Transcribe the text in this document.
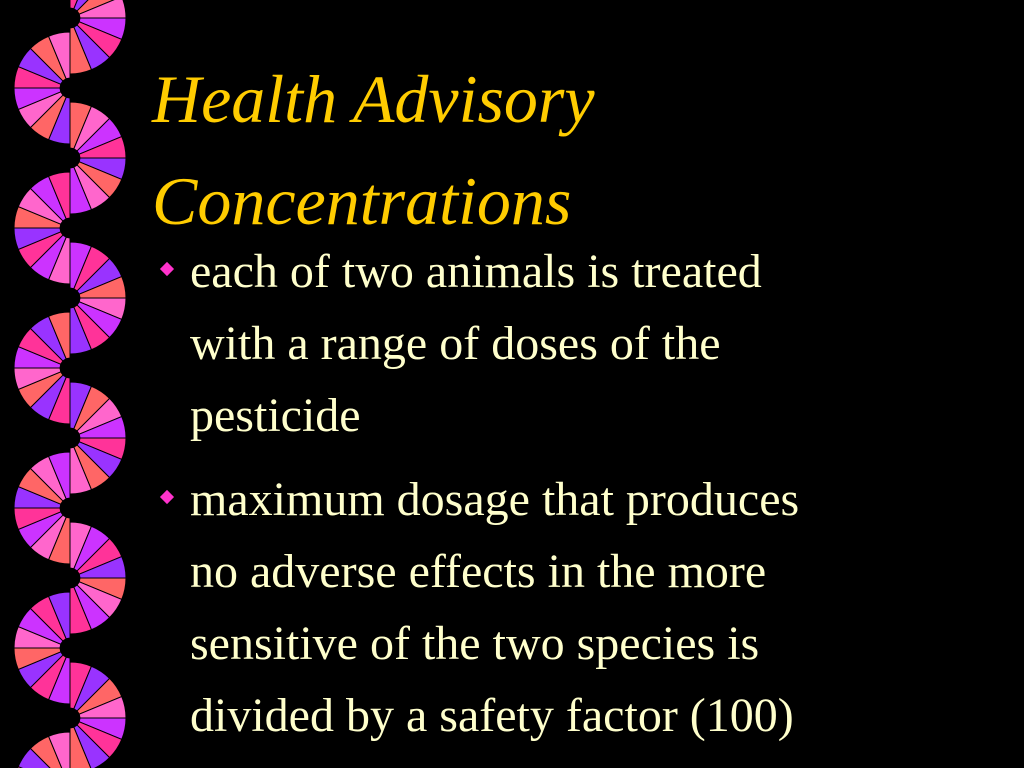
Health Advisory
Concentrations
each of two animals is treated
with a range of doses of the
pesticide
maximum dosage that produces
no adverse effects in the more
sensitive of the two species is
divided by a safety factor (100)
